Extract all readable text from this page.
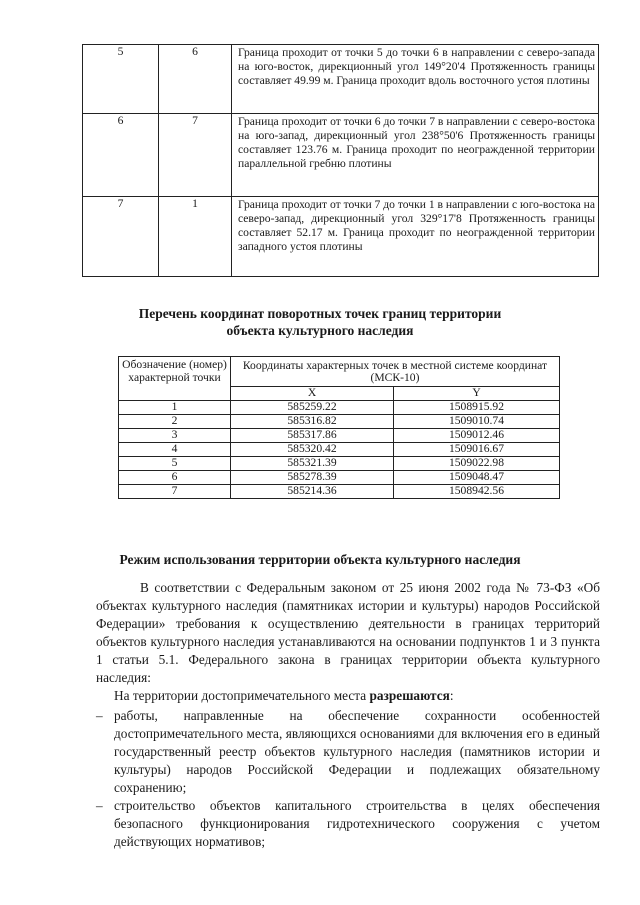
5	6	Граница проходит от точки 5 до точки 6 в направлении с северо-запада на юго-восток, дирекционный угол 149°20'4 Протяженность границы составляет 49.99 м. Граница проходит вдоль восточного устоя плотины
6	7	Граница проходит от точки 6 до точки 7 в направлении с северо-востока на юго-запад, дирекционный угол 238°50'6 Протяженность границы составляет 123.76 м. Граница проходит по неогражденной территории параллельной гребню плотины
7	1	Граница проходит от точки 7 до точки 1 в направлении с юго-востока на северо-запад, дирекционный угол 329°17'8 Протяженность границы составляет 52.17 м. Граница проходит по неогражденной территории западного устоя плотины
Перечень координат поворотных точек границ территории
объекта культурного наследия
Обозначение (номер) характерной точки	Координаты характерных точек в местной системе координат (МСК-10)	
	X	Y
1	585259.22	1508915.92
2	585316.82	1509010.74
3	585317.86	1509012.46
4	585320.42	1509016.67
5	585321.39	1509022.98
6	585278.39	1509048.47
7	585214.36	1508942.56
Режим использования территории объекта культурного наследия

В соответствии с Федеральным законом от 25 июня 2002 года № 73-ФЗ «Об объектах культурного наследия (памятниках истории и культуры) народов Российской Федерации» требования к осуществлению деятельности в границах территорий объектов культурного наследия устанавливаются на основании подпунктов 1 и 3 пункта 1 статьи 5.1. Федерального закона в границах территории объекта культурного наследия:

На территории достопримечательного места разрешаются:
– работы, направленные на обеспечение сохранности особенностей достопримечательного места, являющихся основаниями для включения его в единый государственный реестр объектов культурного наследия (памятников истории и культуры) народов Российской Федерации и подлежащих обязательному сохранению;
– строительство объектов капитального строительства в целях обеспечения безопасного функционирования гидротехнического сооружения с учетом действующих нормативов;
